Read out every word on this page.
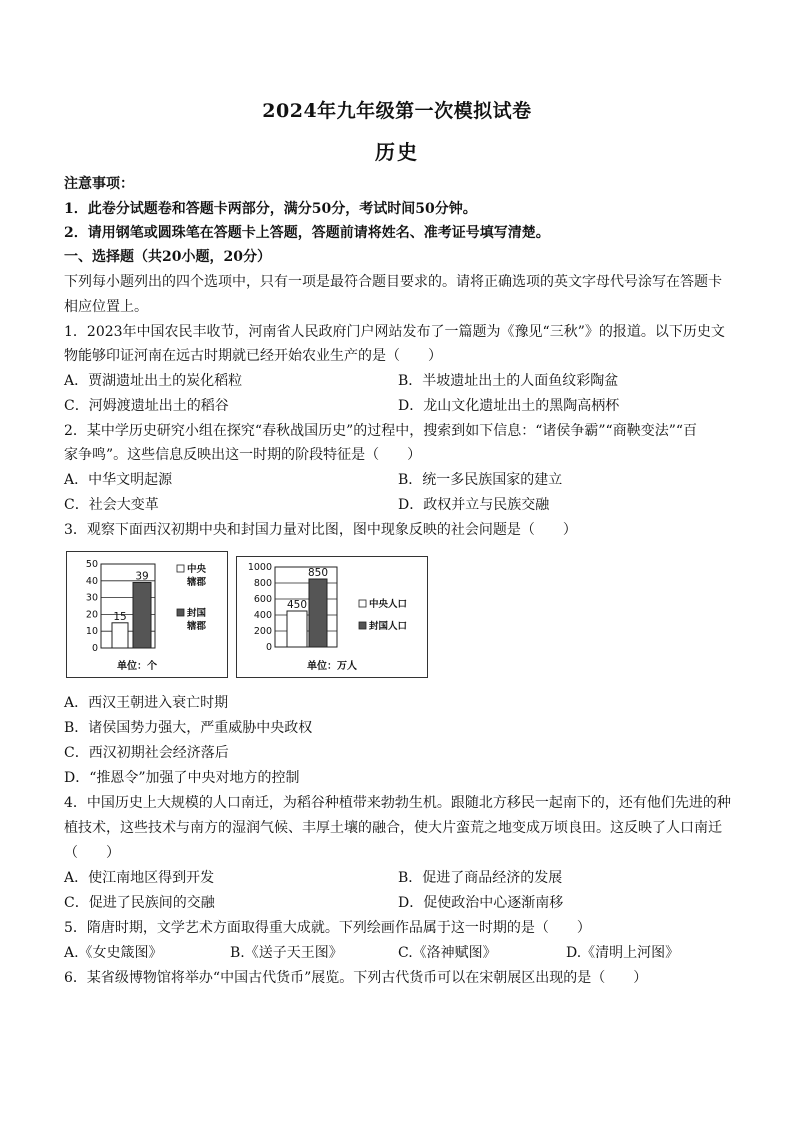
2024年九年级第一次模拟试卷
历史
注意事项：
1．此卷分试题卷和答题卡两部分，满分50分，考试时间50分钟。
2．请用钢笔或圆珠笔在答题卡上答题，答题前请将姓名、准考证号填写清楚。
一、选择题（共20小题，20分）
下列每小题列出的四个选项中，只有一项是最符合题目要求的。请将正确选项的英文字母代号涂写在答题卡
相应位置上。
1．2023年中国农民丰收节，河南省人民政府门户网站发布了一篇题为《豫见“三秋”》的报道。以下历史文
物能够印证河南在远古时期就已经开始农业生产的是（　　）
A．贾湖遗址出土的炭化稻粒	B．半坡遗址出土的人面鱼纹彩陶盆
C．河姆渡遗址出土的稻谷	D．龙山文化遗址出土的黑陶高柄杯
2．某中学历史研究小组在探究“春秋战国历史”的过程中，搜索到如下信息：“诸侯争霸”“商鞅变法”“百
家争鸣”。这些信息反映出这一时期的阶段特征是（　　）
A．中华文明起源	B．统一多民族国家的建立
C．社会大变革	D．政权并立与民族交融
3．观察下面西汉初期中央和封国力量对比图，图中现象反映的社会问题是（　　）
0
10
20
30
40
50
15
39
中央
辖郡
封国
辖郡
单位：个
0
200
400
600
800
1000
450
850
中央人口
封国人口
单位：万人
A．西汉王朝进入衰亡时期
B．诸侯国势力强大，严重威胁中央政权
C．西汉初期社会经济落后
D．“推恩令”加强了中央对地方的控制
4．中国历史上大规模的人口南迁，为稻谷种植带来勃勃生机。跟随北方移民一起南下的，还有他们先进的种
植技术，这些技术与南方的湿润气候、丰厚土壤的融合，使大片蛮荒之地变成万顷良田。这反映了人口南迁
（　　）
A．使江南地区得到开发	B．促进了商品经济的发展
C．促进了民族间的交融	D．促使政治中心逐渐南移
5．隋唐时期，文学艺术方面取得重大成就。下列绘画作品属于这一时期的是（　　）
A.《女史箴图》	B.《送子天王图》	C.《洛神赋图》	D.《清明上河图》
6．某省级博物馆将举办“中国古代货币”展览。下列古代货币可以在宋朝展区出现的是（　　）
